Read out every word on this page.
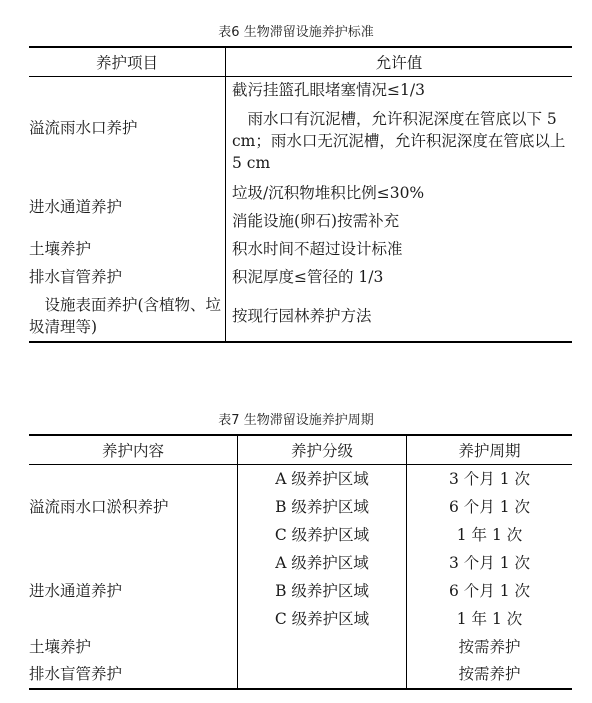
表6 生物滞留设施养护标准
养护项目	允许值
溢流雨水口养护	截污挂篮孔眼堵塞情况≤1/3
	　雨水口有沉泥槽，允许积泥深度在管底以下 5 cm；雨水口无沉泥槽，允许积泥深度在管底以上 5 cm
进水通道养护	垃圾/沉积物堆积比例≤30%
	消能设施(卵石)按需补充
土壤养护	积水时间不超过设计标准
排水盲管养护	积泥厚度≤管径的 1/3
　设施表面养护(含植物、垃圾清理等)	按现行园林养护方法
表7 生物滞留设施养护周期
养护内容	养护分级	养护周期
溢流雨水口淤积养护	A 级养护区域	3 个月 1 次
	B 级养护区域	6 个月 1 次
	C 级养护区域	1 年 1 次
进水通道养护	A 级养护区域	3 个月 1 次
	B 级养护区域	6 个月 1 次
	C 级养护区域	1 年 1 次
土壤养护		按需养护
排水盲管养护		按需养护
